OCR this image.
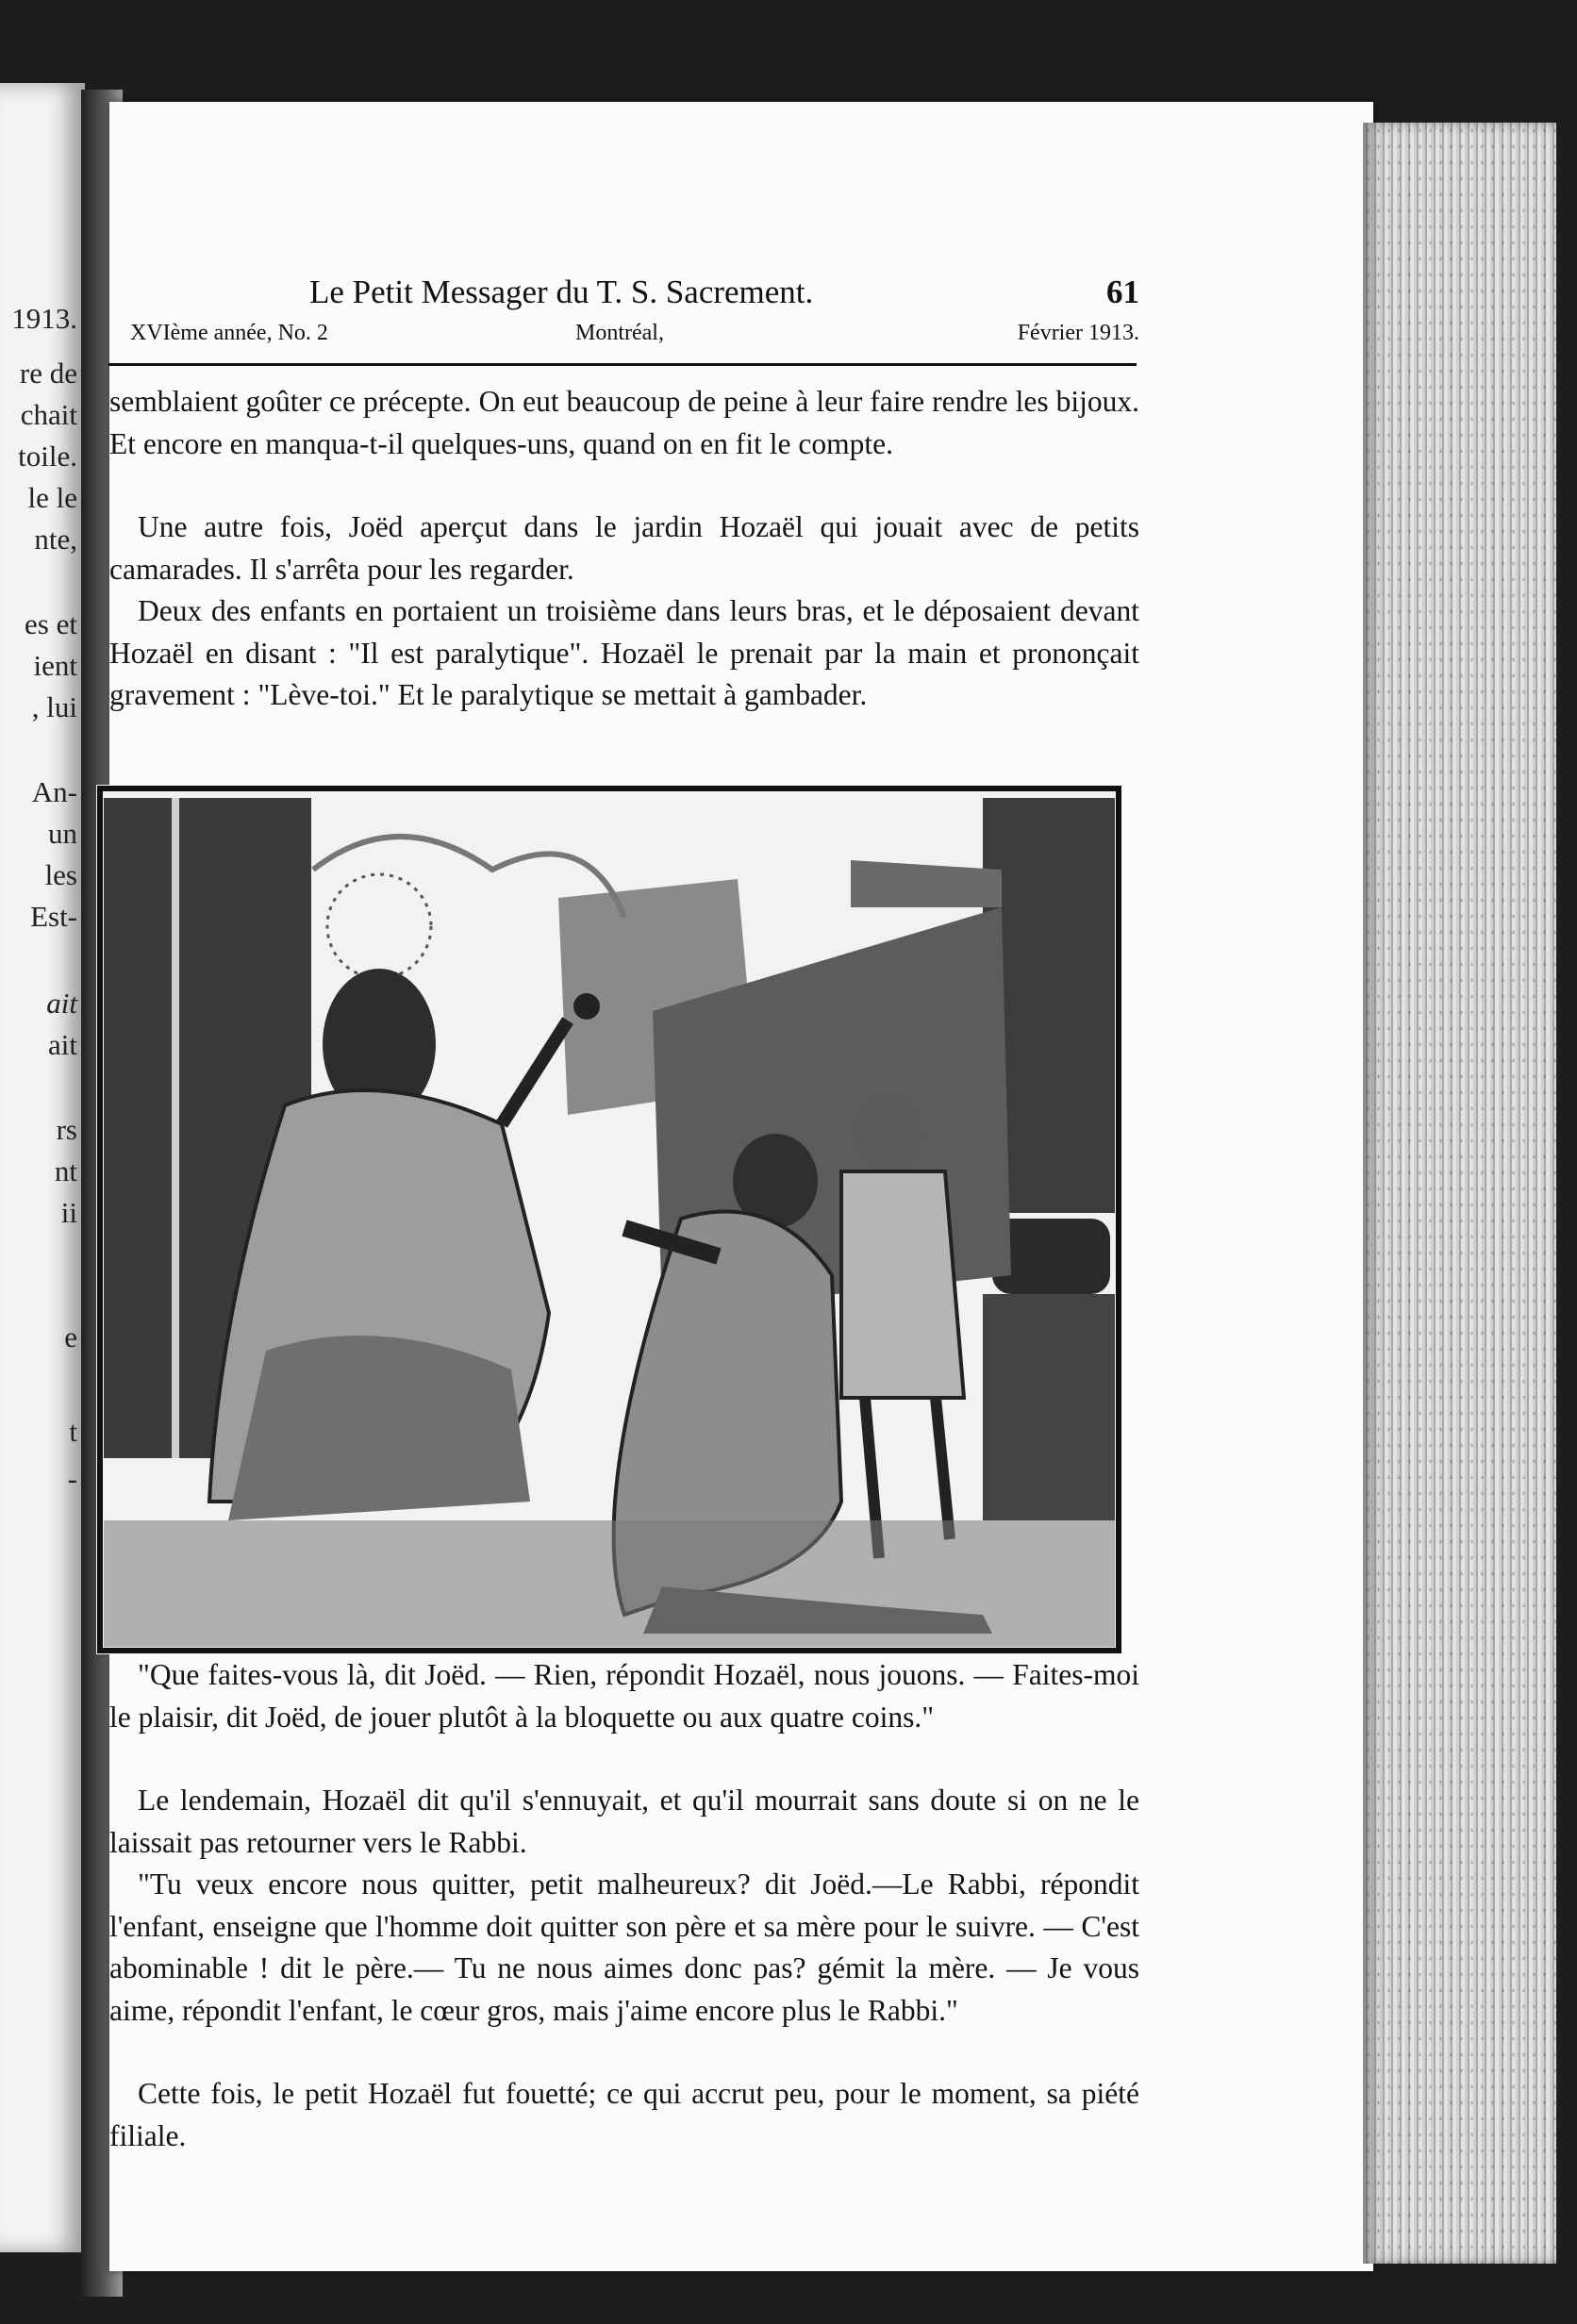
1913.
re de
chait
toile.
le le
nte,
es et
ient
, lui
An-
un
les
Est-
ait
ait
rs
nt
ii
e
t
-
Le Petit Messager du T. S. Sacrement.	61
XVIème année, No. 2	Montréal,	Février 1913.

semblaient goûter ce précepte. On eut beaucoup de peine à leur faire rendre les bijoux. Et encore en manqua-t-il quelques-uns, quand on en fit le compte.

Une autre fois, Joëd aperçut dans le jardin Hozaël qui jouait avec de petits camarades. Il s'arrêta pour les regarder.

Deux des enfants en portaient un troisième dans leurs bras, et le déposaient devant Hozaël en disant : "Il est paralytique". Hozaël le prenait par la main et prononçait gravement : "Lève-toi." Et le paralytique se mettait à gambader.

"Que faites-vous là, dit Joëd. — Rien, répondit Hozaël, nous jouons. — Faites-moi le plaisir, dit Joëd, de jouer plutôt à la bloquette ou aux quatre coins."

Le lendemain, Hozaël dit qu'il s'ennuyait, et qu'il mourrait sans doute si on ne le laissait pas retourner vers le Rabbi.

"Tu veux encore nous quitter, petit malheureux? dit Joëd.—Le Rabbi, répondit l'enfant, enseigne que l'homme doit quitter son père et sa mère pour le suivre. — C'est abominable ! dit le père.— Tu ne nous aimes donc pas? gémit la mère. — Je vous aime, répondit l'enfant, le cœur gros, mais j'aime encore plus le Rabbi."

Cette fois, le petit Hozaël fut fouetté; ce qui accrut peu, pour le moment, sa piété filiale.
